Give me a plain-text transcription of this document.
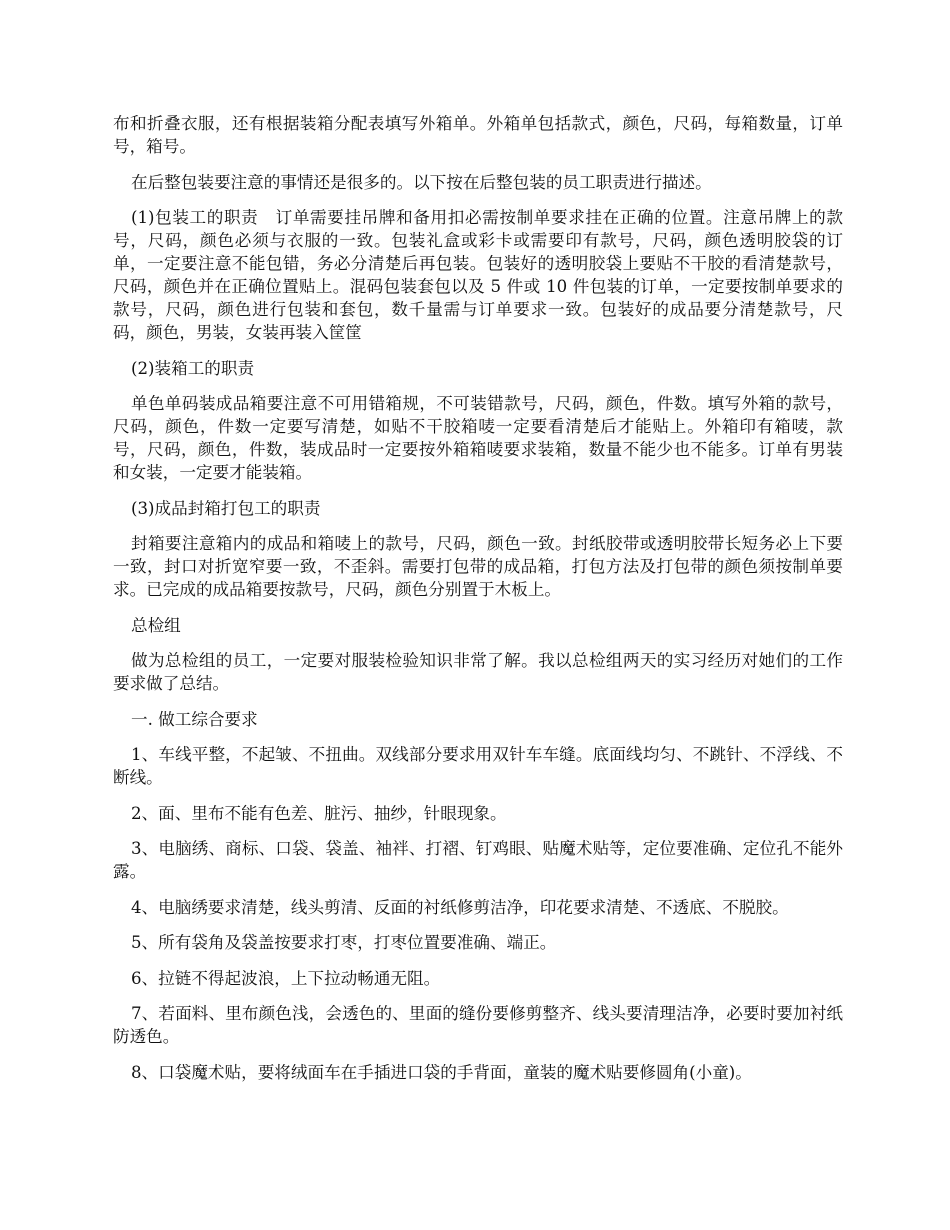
布和折叠衣服，还有根据装箱分配表填写外箱单。外箱单包括款式，颜色，尺码，每箱数量，订单号，箱号。

在后整包装要注意的事情还是很多的。以下按在后整包装的员工职责进行描述。

(1)包装工的职责　订单需要挂吊牌和备用扣必需按制单要求挂在正确的位置。注意吊牌上的款号，尺码，颜色必须与衣服的一致。包装礼盒或彩卡或需要印有款号，尺码，颜色透明胶袋的订单，一定要注意不能包错，务必分清楚后再包装。包装好的透明胶袋上要贴不干胶的看清楚款号，尺码，颜色并在正确位置贴上。混码包装套包以及 5 件或 10 件包装的订单，一定要按制单要求的款号，尺码，颜色进行包装和套包，数千量需与订单要求一致。包装好的成品要分清楚款号，尺码，颜色，男装，女装再装入筐筐

(2)装箱工的职责

单色单码装成品箱要注意不可用错箱规，不可装错款号，尺码，颜色，件数。填写外箱的款号，尺码，颜色，件数一定要写清楚，如贴不干胶箱唛一定要看清楚后才能贴上。外箱印有箱唛，款号，尺码，颜色，件数，装成品时一定要按外箱箱唛要求装箱，数量不能少也不能多。订单有男装和女装，一定要才能装箱。

(3)成品封箱打包工的职责

封箱要注意箱内的成品和箱唛上的款号，尺码，颜色一致。封纸胶带或透明胶带长短务必上下要一致，封口对折宽窄要一致，不歪斜。需要打包带的成品箱，打包方法及打包带的颜色须按制单要求。已完成的成品箱要按款号，尺码，颜色分别置于木板上。

总检组

做为总检组的员工，一定要对服装检验知识非常了解。我以总检组两天的实习经历对她们的工作要求做了总结。

一. 做工综合要求

1、车线平整，不起皱、不扭曲。双线部分要求用双针车车缝。底面线均匀、不跳针、不浮线、不断线。

2、面、里布不能有色差、脏污、抽纱，针眼现象。

3、电脑绣、商标、口袋、袋盖、袖袢、打褶、钉鸡眼、贴魔术贴等，定位要准确、定位孔不能外露。

4、电脑绣要求清楚，线头剪清、反面的衬纸修剪洁净，印花要求清楚、不透底、不脱胶。

5、所有袋角及袋盖按要求打枣，打枣位置要准确、端正。

6、拉链不得起波浪，上下拉动畅通无阻。

7、若面料、里布颜色浅，会透色的、里面的缝份要修剪整齐、线头要清理洁净，必要时要加衬纸防透色。

8、口袋魔术贴，要将绒面车在手插进口袋的手背面，童装的魔术贴要修圆角(小童)。
